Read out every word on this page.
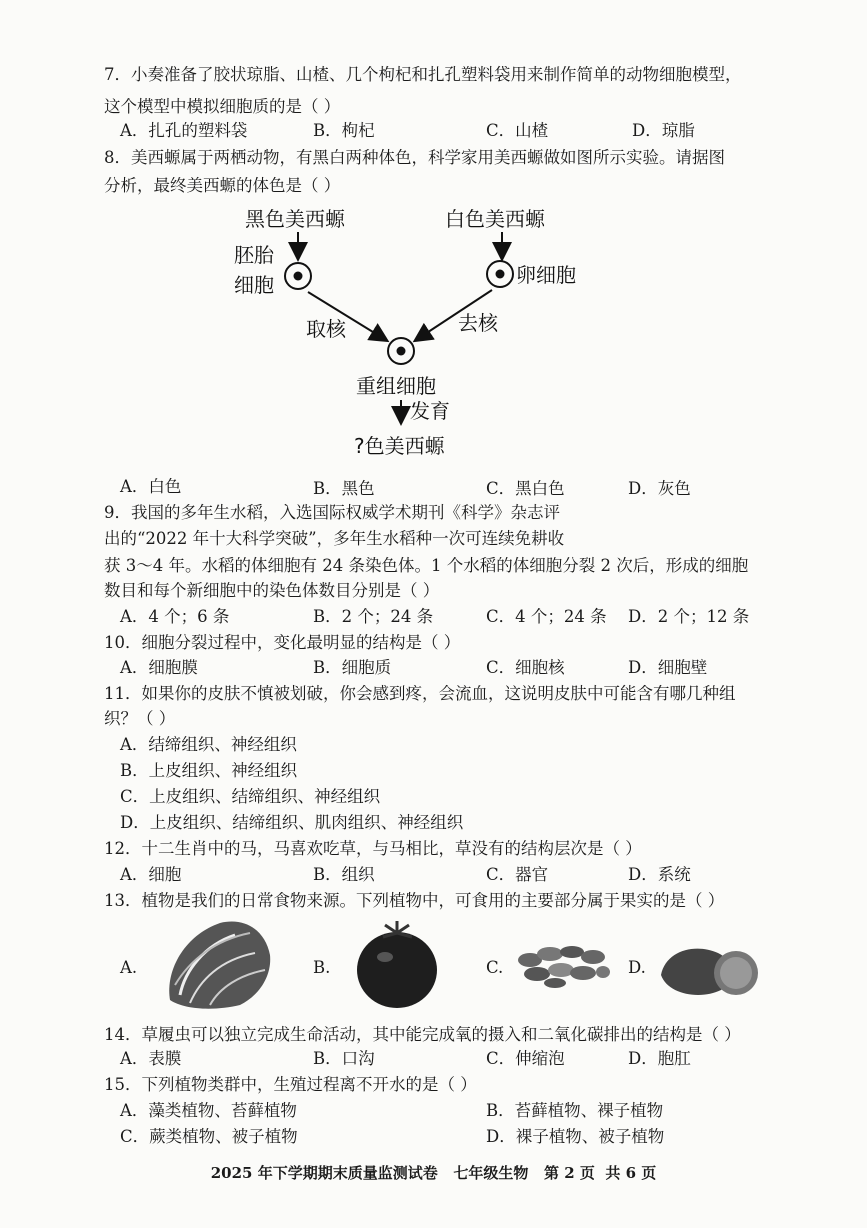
7．小奏准备了胶状琼脂、山楂、几个枸杞和扎孔塑料袋用来制作简单的动物细胞模型，
这个模型中模拟细胞质的是（ ）
A．扎孔的塑料袋	B．枸杞	C．山楂	D．琼脂
8．美西螈属于两栖动物，有黑白两种体色，科学家用美西螈做如图所示实验。请据图
分析，最终美西螈的体色是（ ）
黑色美西螈	白色美西螈
胚胎
细胞	卵细胞
取核	去核
重组细胞
发育
?色美西螈
A．白色	B．黑色	C．黑白色	D．灰色
9．我国的多年生水稻，入选国际权威学术期刊《科学》杂志评
出的“2022 年十大科学突破”，多年生水稻种一次可连续免耕收
获 3～4 年。水稻的体细胞有 24 条染色体。1 个水稻的体细胞分裂 2 次后，形成的细胞
数目和每个新细胞中的染色体数目分别是（ ）
A．4 个；6 条	B．2 个；24 条	C．4 个；24 条 D．2 个；12 条
10．细胞分裂过程中，变化最明显的结构是（ ）
A．细胞膜	B．细胞质	C．细胞核	D．细胞壁
11．如果你的皮肤不慎被划破，你会感到疼，会流血，这说明皮肤中可能含有哪几种组
织？（ ）
A．结缔组织、神经组织
B．上皮组织、神经组织
C．上皮组织、结缔组织、神经组织
D．上皮组织、结缔组织、肌肉组织、神经组织
12．十二生肖中的马，马喜欢吃草，与马相比，草没有的结构层次是（ ）
A．细胞	B．组织	C．器官	D．系统
13．植物是我们的日常食物来源。下列植物中，可食用的主要部分属于果实的是（ ）
A.	B.	C.	D.
14．草履虫可以独立完成生命活动，其中能完成氧的摄入和二氧化碳排出的结构是（ ）
A．表膜	B．口沟	C．伸缩泡	D．胞肛
15．下列植物类群中，生殖过程离不开水的是（ ）
A．藻类植物、苔藓植物	B．苔藓植物、裸子植物
C．蕨类植物、被子植物	D．裸子植物、被子植物
2025 年下学期期末质量监测试卷   七年级生物   第 2 页  共 6 页
